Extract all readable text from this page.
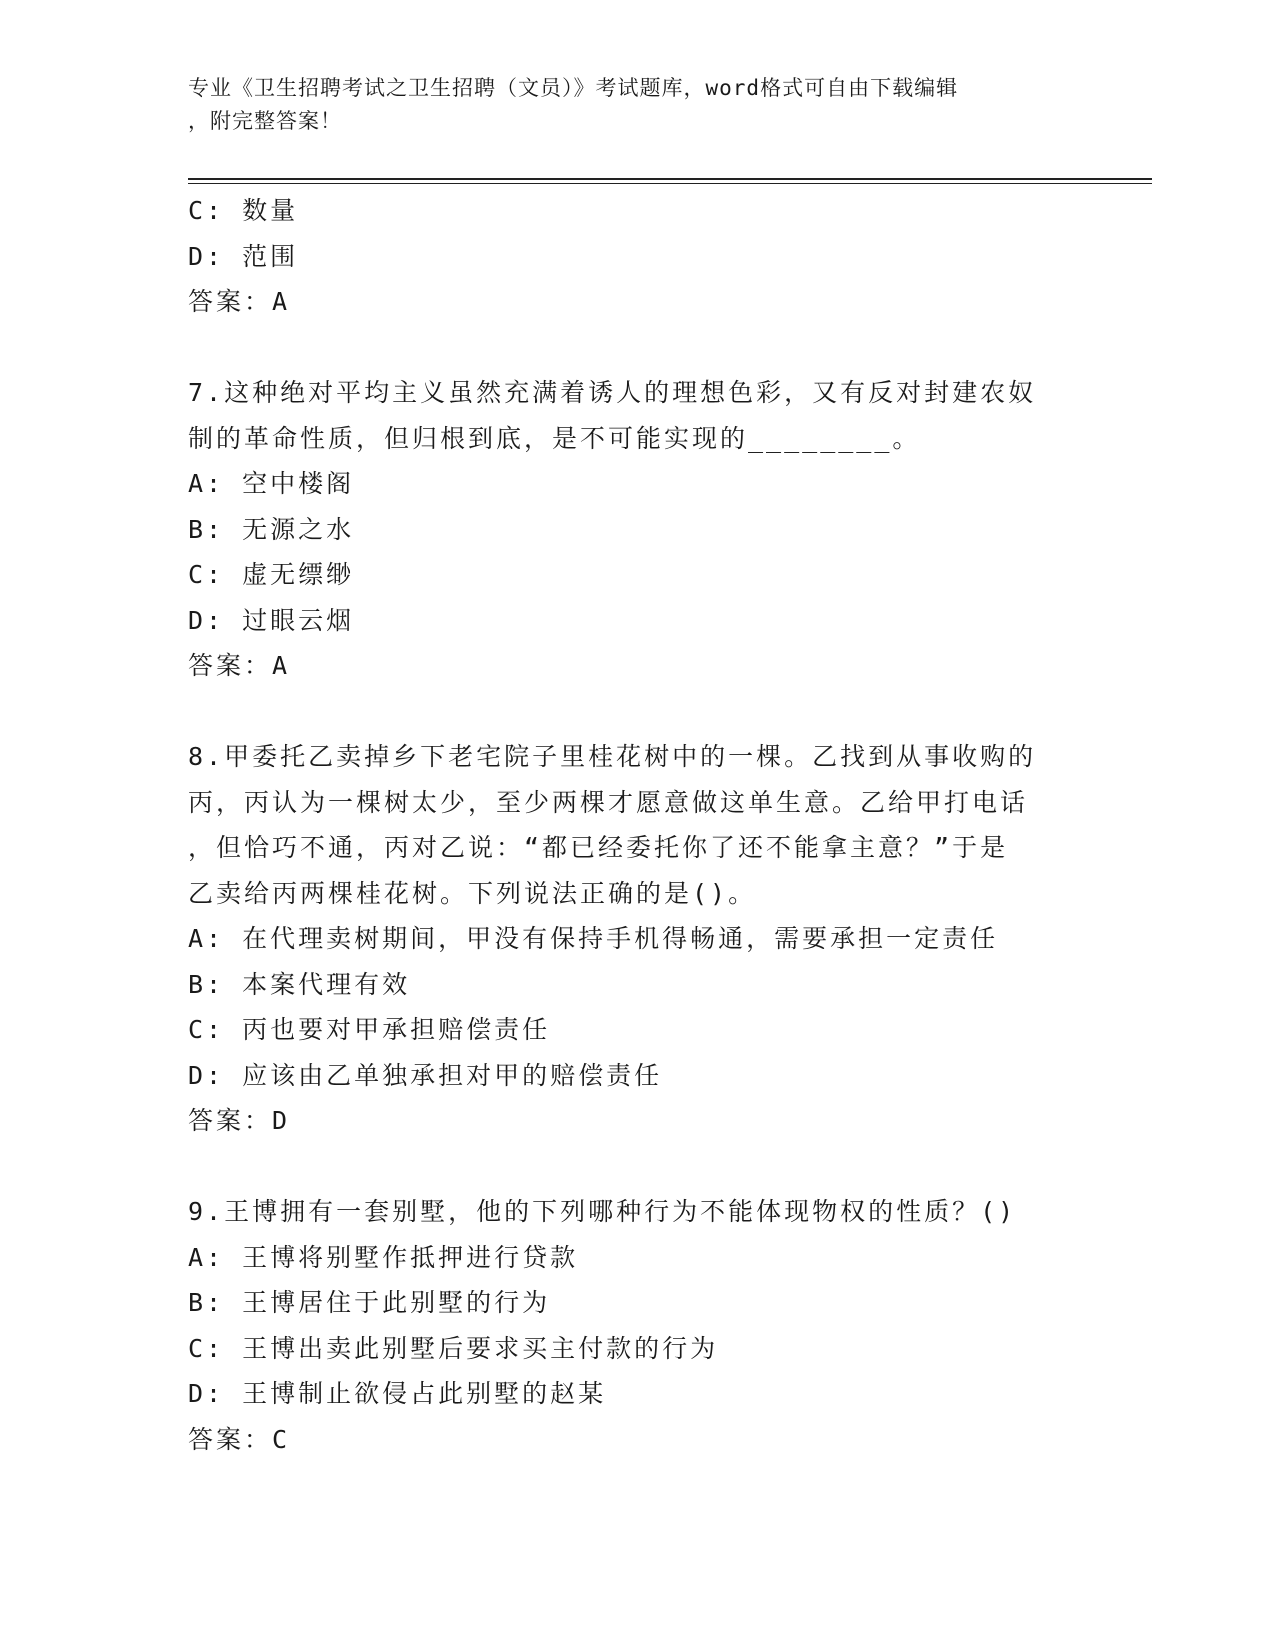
专业《卫生招聘考试之卫生招聘（文员）》考试题库，word格式可自由下载编辑
，附完整答案！
C: 数量
D: 范围
答案：A
7.这种绝对平均主义虽然充满着诱人的理想色彩，又有反对封建农奴
制的革命性质，但归根到底，是不可能实现的________。
A: 空中楼阁
B: 无源之水
C: 虚无缥缈
D: 过眼云烟
答案：A
8.甲委托乙卖掉乡下老宅院子里桂花树中的一棵。乙找到从事收购的
丙，丙认为一棵树太少，至少两棵才愿意做这单生意。乙给甲打电话
，但恰巧不通，丙对乙说：“都已经委托你了还不能拿主意？”于是
乙卖给丙两棵桂花树。下列说法正确的是()。
A: 在代理卖树期间，甲没有保持手机得畅通，需要承担一定责任
B: 本案代理有效
C: 丙也要对甲承担赔偿责任
D: 应该由乙单独承担对甲的赔偿责任
答案：D
9.王博拥有一套别墅，他的下列哪种行为不能体现物权的性质？()
A: 王博将别墅作抵押进行贷款
B: 王博居住于此别墅的行为
C: 王博出卖此别墅后要求买主付款的行为
D: 王博制止欲侵占此别墅的赵某
答案：C
